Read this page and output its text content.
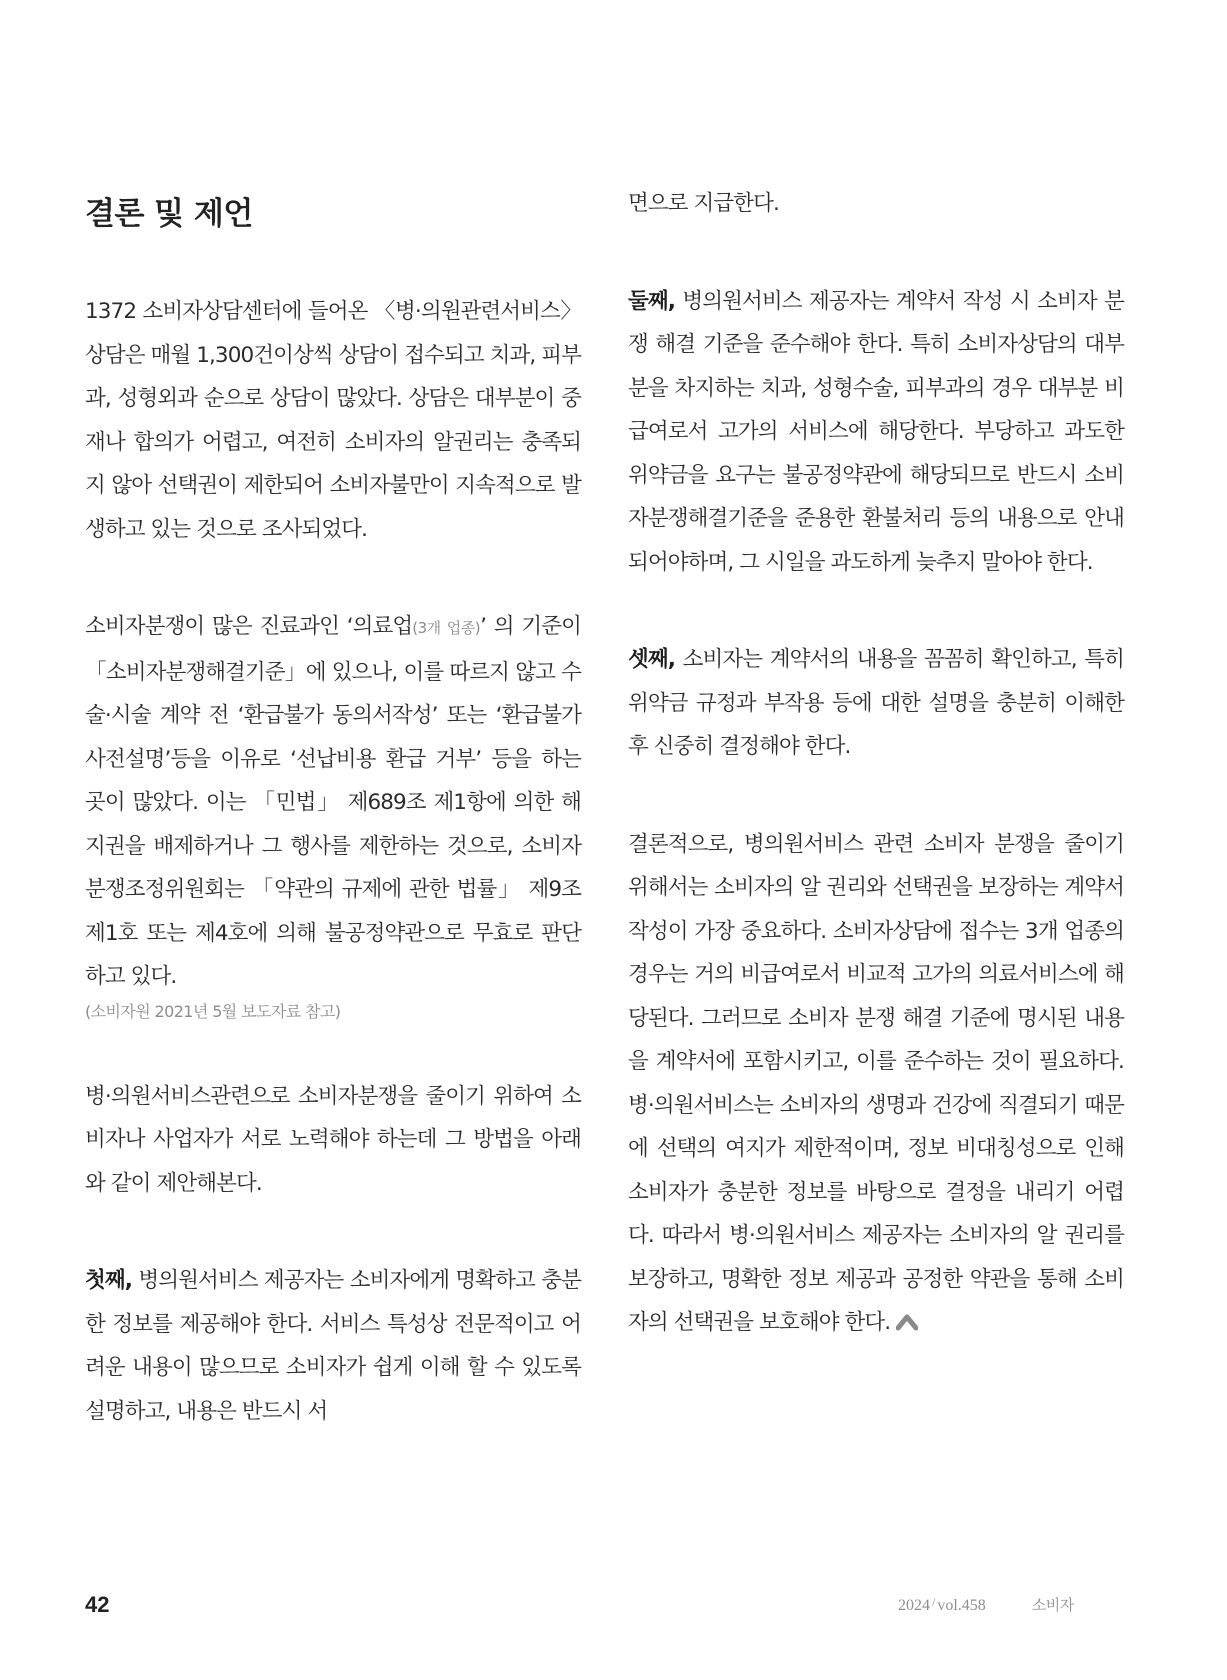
결론 및 제언

1372 소비자상담센터에 들어온 〈병·의원관련서비스〉 상담은 매월 1,300건이상씩 상담이 접수되고 치과, 피부과, 성형외과 순으로 상담이 많았다. 상담은 대부분이 중재나 합의가 어렵고, 여전히 소비자의 알권리는 충족되지 않아 선택권이 제한되어 소비자불만이 지속적으로 발생하고 있는 것으로 조사되었다.

소비자분쟁이 많은 진료과인 ‘의료업(3개 업종)’ 의 기준이 「소비자분쟁해결기준」에 있으나, 이를 따르지 않고 수술·시술 계약 전 ‘환급불가 동의서작성’ 또는 ‘환급불가 사전설명’등을 이유로 ‘선납비용 환급 거부’ 등을 하는 곳이 많았다. 이는 「민법」 제689조 제1항에 의한 해지권을 배제하거나 그 행사를 제한하는 것으로, 소비자분쟁조정위원회는 「약관의 규제에 관한 법률」 제9조 제1호 또는 제4호에 의해 불공정약관으로 무효로 판단하고 있다.

(소비자원 2021년 5월 보도자료 참고)

병·의원서비스관련으로 소비자분쟁을 줄이기 위하여 소비자나 사업자가 서로 노력해야 하는데 그 방법을 아래와 같이 제안해본다.

첫째, 병의원서비스 제공자는 소비자에게 명확하고 충분한 정보를 제공해야 한다. 서비스 특성상 전문적이고 어려운 내용이 많으므로 소비자가 쉽게 이해 할 수 있도록 설명하고, 내용은 반드시 서

면으로 지급한다.

둘째, 병의원서비스 제공자는 계약서 작성 시 소비자 분쟁 해결 기준을 준수해야 한다. 특히 소비자상담의 대부분을 차지하는 치과, 성형수술, 피부과의 경우 대부분 비급여로서 고가의 서비스에 해당한다. 부당하고 과도한 위약금을 요구는 불공정약관에 해당되므로 반드시 소비자분쟁해결기준을 준용한 환불처리 등의 내용으로 안내되어야하며, 그 시일을 과도하게 늦추지 말아야 한다.

셋째, 소비자는 계약서의 내용을 꼼꼼히 확인하고, 특히 위약금 규정과 부작용 등에 대한 설명을 충분히 이해한 후 신중히 결정해야 한다.

결론적으로, 병의원서비스 관련 소비자 분쟁을 줄이기 위해서는 소비자의 알 권리와 선택권을 보장하는 계약서 작성이 가장 중요하다. 소비자상담에 접수는 3개 업종의 경우는 거의 비급여로서 비교적 고가의 의료서비스에 해당된다. 그러므로 소비자 분쟁 해결 기준에 명시된 내용을 계약서에 포함시키고, 이를 준수하는 것이 필요하다. 병·의원서비스는 소비자의 생명과 건강에 직결되기 때문에 선택의 여지가 제한적이며, 정보 비대칭성으로 인해 소비자가 충분한 정보를 바탕으로 결정을 내리기 어렵다. 따라서 병·의원서비스 제공자는 소비자의 알 권리를 보장하고, 명확한 정보 제공과 공정한 약관을 통해 소비자의 선택권을 보호해야 한다.

42	2024 / vol.458	소비자
